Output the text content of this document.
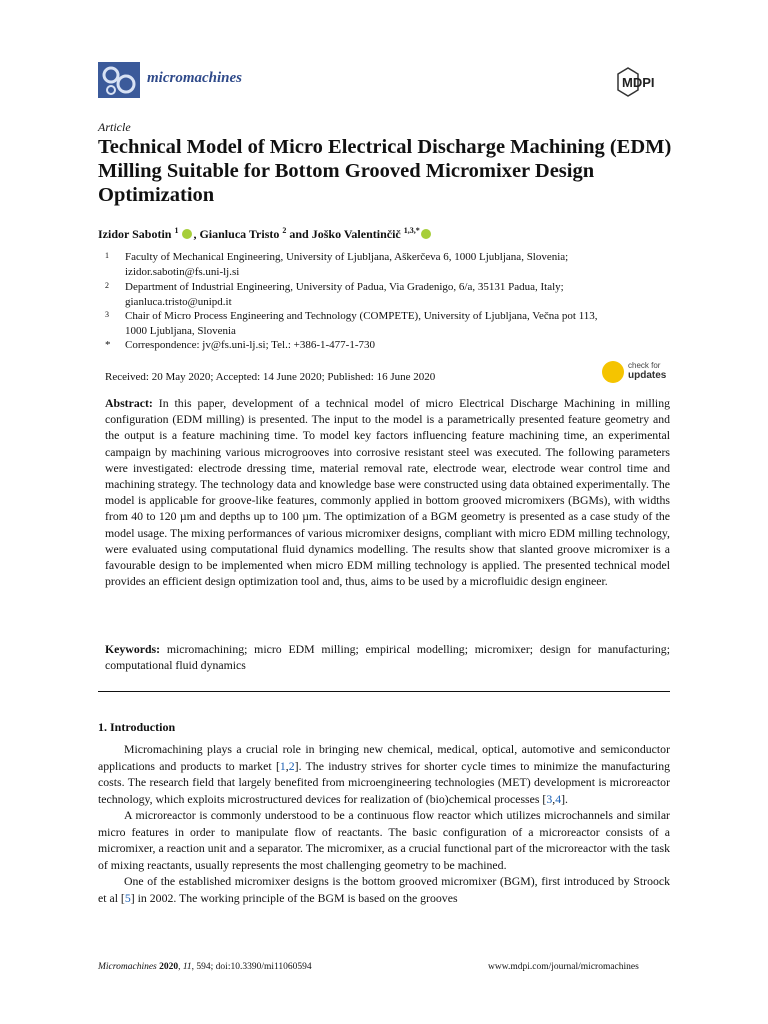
micromachines	MDPI
Article
Technical Model of Micro Electrical Discharge Machining (EDM) Milling Suitable for Bottom Grooved Micromixer Design Optimization
Izidor Sabotin $^1$ , Gianluca Tristo $^2$ and Joško Valentinčič $^{1,3,*}$
1 Faculty of Mechanical Engineering, University of Ljubljana, Aškerčeva 6, 1000 Ljubljana, Slovenia;
izidor.sabotin@fs.uni-lj.si
2 Department of Industrial Engineering, University of Padua, Via Gradenigo, 6/a, 35131 Padua, Italy;
gianluca.tristo@unipd.it
3 Chair of Micro Process Engineering and Technology (COMPETE), University of Ljubljana, Večna pot 113,
1000 Ljubljana, Slovenia
* Correspondence: jv@fs.uni-lj.si; Tel.: +386-1-477-1-730
Received: 20 May 2020; Accepted: 14 June 2020; Published: 16 June 2020
check for
updates
Abstract: In this paper, development of a technical model of micro Electrical Discharge Machining in milling configuration (EDM milling) is presented. The input to the model is a parametrically presented feature geometry and the output is a feature machining time. To model key factors influencing feature machining time, an experimental campaign by machining various microgrooves into corrosive resistant steel was executed. The following parameters were investigated: electrode dressing time, material removal rate, electrode wear, electrode wear control time and machining strategy. The technology data and knowledge base were constructed using data obtained experimentally. The model is applicable for groove-like features, commonly applied in bottom grooved micromixers (BGMs), with widths from 40 to 120 µm and depths up to 100 µm. The optimization of a BGM geometry is presented as a case study of the model usage. The mixing performances of various micromixer designs, compliant with micro EDM milling technology, were evaluated using computational fluid dynamics modelling. The results show that slanted groove micromixer is a favourable design to be implemented when micro EDM milling technology is applied. The presented technical model provides an efficient design optimization tool and, thus, aims to be used by a microfluidic design engineer.
Keywords: micromachining; micro EDM milling; empirical modelling; micromixer; design for manufacturing; computational fluid dynamics
1. Introduction

Micromachining plays a crucial role in bringing new chemical, medical, optical, automotive and semiconductor applications and products to market [1,2]. The industry strives for shorter cycle times to minimize the manufacturing costs. The research field that largely benefited from microengineering technologies (MET) development is microreactor technology, which exploits microstructured devices for realization of (bio)chemical processes [3,4].

A microreactor is commonly understood to be a continuous flow reactor which utilizes microchannels and similar micro features in order to manipulate flow of reactants. The basic configuration of a microreactor consists of a micromixer, a reaction unit and a separator. The micromixer, as a crucial functional part of the microreactor with the task of mixing reactants, usually represents the most challenging geometry to be machined.

One of the established micromixer designs is the bottom grooved micromixer (BGM), first introduced by Stroock et al [5] in 2002. The working principle of the BGM is based on the grooves

Micromachines 2020, 11, 594; doi:10.3390/mi11060594	www.mdpi.com/journal/micromachines
